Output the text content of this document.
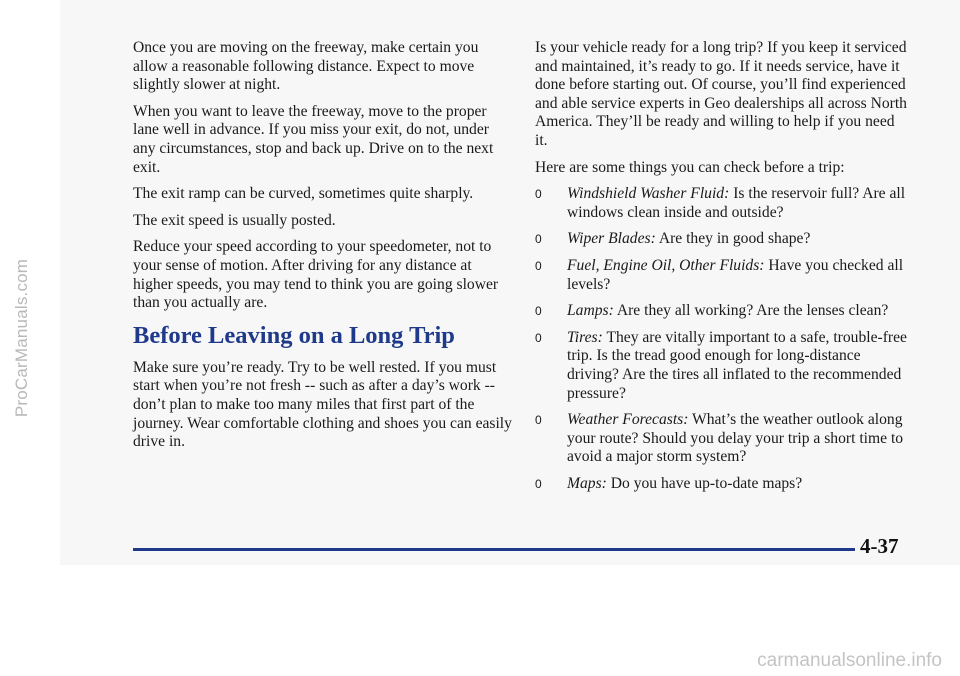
ProCarManuals.com

Once you are moving on the freeway, make certain you allow a reasonable following distance. Expect to move slightly slower at night.

When you want to leave the freeway, move to the proper lane well in advance. If you miss your exit, do not, under any circumstances, stop and back up. Drive on to the next exit.

The exit ramp can be curved, sometimes quite sharply.

The exit speed is usually posted.

Reduce your speed according to your speedometer, not to your sense of motion. After driving for any distance at higher speeds, you may tend to think you are going slower than you actually are.

Before Leaving on a Long Trip

Make sure you’re ready. Try to be well rested. If you must start when you’re not fresh -- such as after a day’s work -- don’t plan to make too many miles that first part of the journey. Wear comfortable clothing and shoes you can easily drive in.

Is your vehicle ready for a long trip? If you keep it serviced and maintained, it’s ready to go. If it needs service, have it done before starting out. Of course, you’ll find experienced and able service experts in Geo dealerships all across North America. They’ll be ready and willing to help if you need it.

Here are some things you can check before a trip:

0	Windshield Washer Fluid: Is the reservoir full? Are all windows clean inside and outside?
0	Wiper Blades: Are they in good shape?
0	Fuel, Engine Oil, Other Fluids: Have you checked all levels?
0	Lamps: Are they all working? Are the lenses clean?
0	Tires: They are vitally important to a safe, trouble-free trip. Is the tread good enough for long-distance driving? Are the tires all inflated to the recommended pressure?
0	Weather Forecasts: What’s the weather outlook along your route? Should you delay your trip a short time to avoid a major storm system?
0	Maps: Do you have up-to-date maps?
4-37
carmanualsonline.info
